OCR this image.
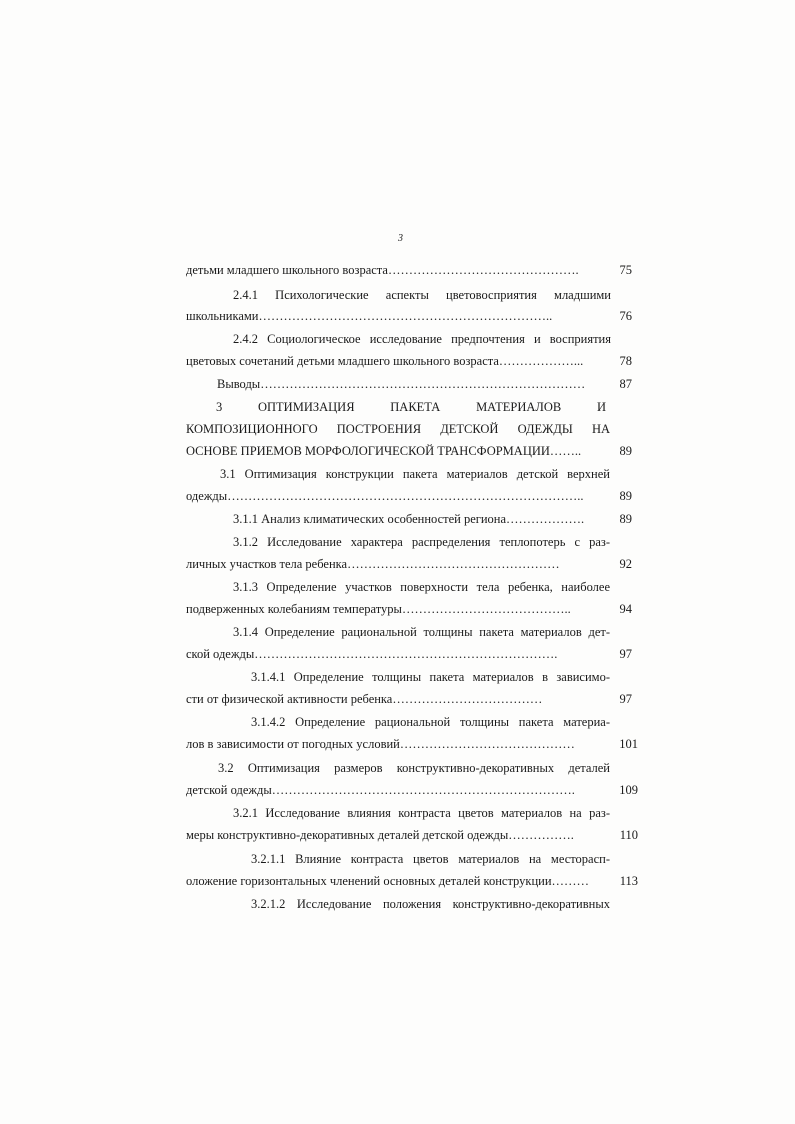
3
детьми младшего школьного возраста……………………………………….	75
2.4.1 Психологические аспекты цветовосприятия младшими
школьниками……………………………………………………………..	76
2.4.2 Социологическое исследование предпочтения и восприятия
цветовых сочетаний детьми младшего школьного возраста………………...	78
Выводы……………………………………………………………………	87
3 ОПТИМИЗАЦИЯ ПАКЕТА МАТЕРИАЛОВ И
КОМПОЗИЦИОННОГО ПОСТРОЕНИЯ ДЕТСКОЙ ОДЕЖДЫ НА
ОСНОВЕ ПРИЕМОВ МОРФОЛОГИЧЕСКОЙ ТРАНСФОРМАЦИИ……..	89
3.1 Оптимизация конструкции пакета материалов детской верхней
одежды…………………………………………………………………………..	89
3.1.1 Анализ климатических особенностей региона……………….	89
3.1.2 Исследование характера распределения теплопотерь с раз-
личных участков тела ребенка……………………………………………	92
3.1.3 Определение участков поверхности тела ребенка, наиболее
подверженных колебаниям температуры…………………………………..	94
3.1.4 Определение рациональной толщины пакета материалов дет-
ской одежды……………………………………………………………….	97
3.1.4.1 Определение толщины пакета материалов в зависимо-
сти от физической активности ребенка………………………………	97
3.1.4.2 Определение рациональной толщины пакета материа-
лов в зависимости от погодных условий……………………………………	101
3.2 Оптимизация размеров конструктивно-декоративных деталей
детской одежды……………………………………………………………….	109
3.2.1 Исследование влияния контраста цветов материалов на раз-
меры конструктивно-декоративных деталей детской одежды…………….	110
3.2.1.1 Влияние контраста цветов материалов на месторасп-
оложение горизонтальных членений основных деталей конструкции………	113
3.2.1.2 Исследование положения конструктивно-декоративных
